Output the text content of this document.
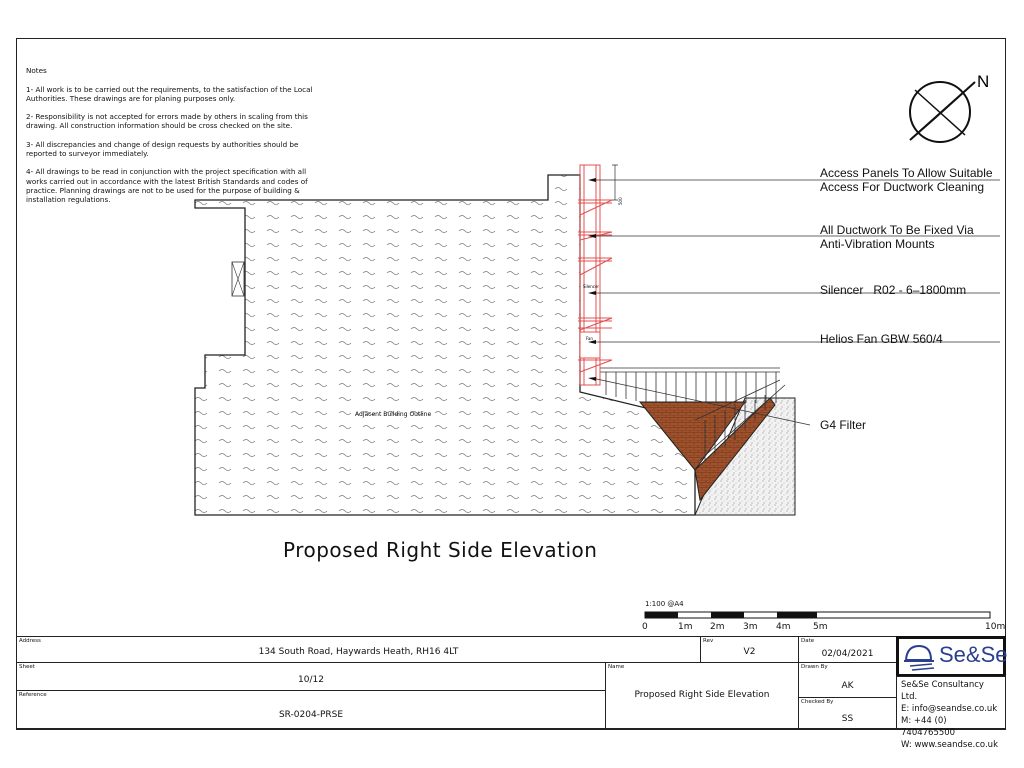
Notes

1- All work is to be carried out the requirements, to the satisfaction of the Local Authorities. These drawings are for planing purposes only.

2- Responsibility is not accepted for errors made by others in scaling from this drawing. All construction information should be cross checked on the site.

3- All discrepancies and change of design requests by authorities should be reported to surveyor immediately.

4- All drawings to be read in conjunction with the project specification with all works carried out in accordance with the latest British Standards and codes of practice. Planning drawings are not to be used for the purpose of building & installation regulations.	500
Silencer
Fan
Adjacent Building Outline
N
1:100 @A4
0	1m 2m 3m 4m	5m	10m
Access Panels To Allow Suitable Access For Ductwork Cleaning
All Ductwork To Be Fixed Via Anti-Vibration Mounts
Silencer   R02 - 6–1800mm
Helios Fan GBW 560/4
G4 Filter
Proposed Right Side Elevation
Address
134 South Road, Haywards Heath, RH16 4LT
Rev
V2
Date
02/04/2021
Sheet
10/12
Reference
SR-0204-PRSE
Name
Proposed Right Side Elevation
Drawn By
AK
Checked By
SS
Se&Se
Se&Se Consultancy Ltd.
E: info@seandse.co.uk
M: +44 (0) 7404765500
W: www.seandse.co.uk
